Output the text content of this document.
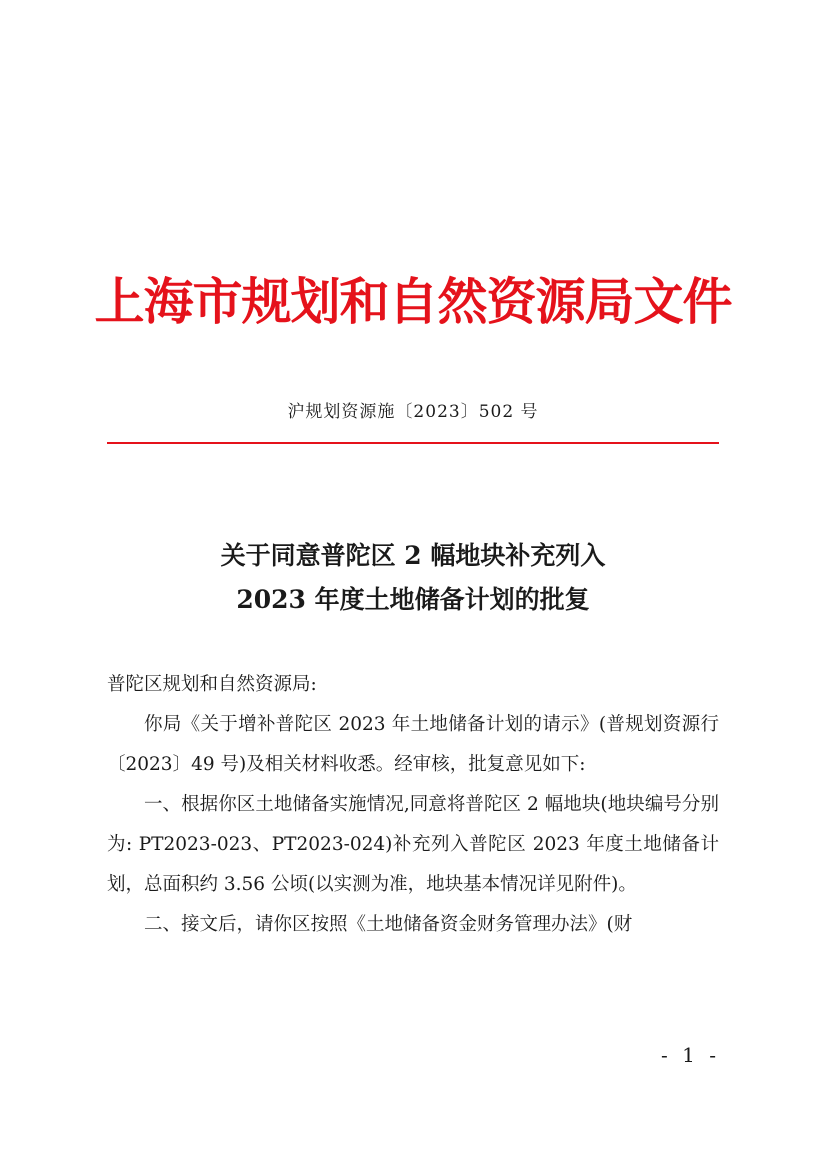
上海市规划和自然资源局文件
沪规划资源施〔2023〕502 号
关于同意普陀区 2 幅地块补充列入
2023 年度土地储备计划的批复

普陀区规划和自然资源局:

你局《关于增补普陀区 2023 年土地储备计划的请示》(普规划资源行〔2023〕49 号)及相关材料收悉。经审核，批复意见如下:

一、根据你区土地储备实施情况,同意将普陀区 2 幅地块(地块编号分别为: PT2023-023、PT2023-024)补充列入普陀区 2023 年度土地储备计划，总面积约 3.56 公顷(以实测为准，地块基本情况详见附件)。

二、接文后，请你区按照《土地储备资金财务管理办法》(财

- 1 -
